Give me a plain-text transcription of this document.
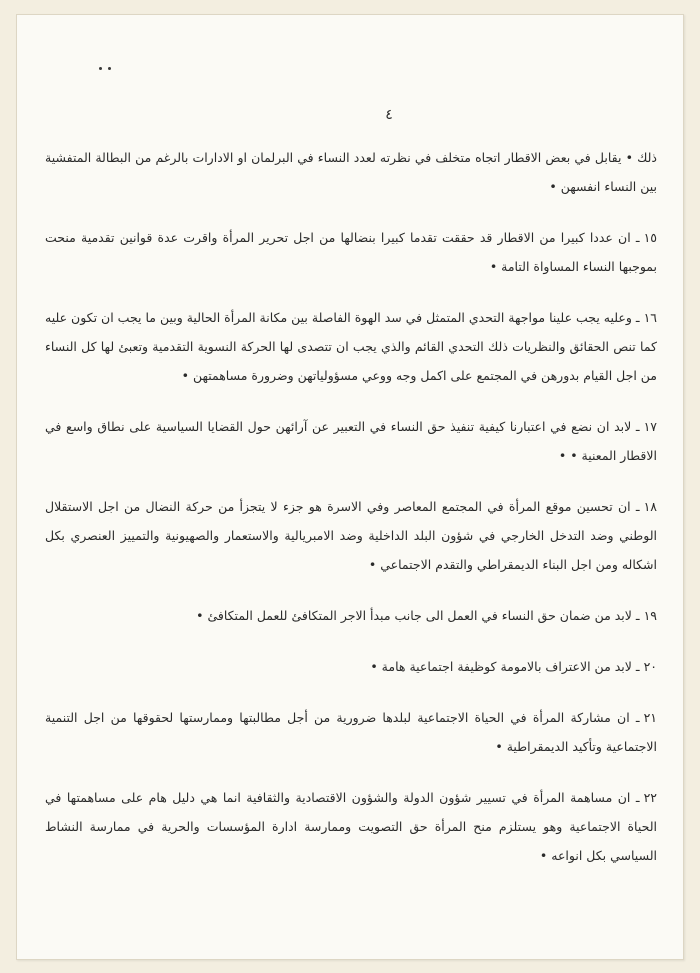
٤

ذلك • يقابل في بعض الاقطار اتجاه متخلف في نظرته لعدد النساء في البرلمان او الادارات بالرغم من البطالة المتفشية بين النساء انفسهن •

١٥ـ ان عددا كبيرا من الاقطار قد حققت تقدما كبيرا بنضالها من اجل تحرير المرأة واقرت عدة قوانين تقدمية منحت بموجبها النساء المساواة التامة •

١٦ـ وعليه يجب علينا مواجهة التحدي المتمثل في سد الهوة الفاصلة بين مكانة المرأة الحالية وبين ما يجب ان تكون عليه كما تنص الحقائق والنظريات ذلك التحدي القائم والذي يجب ان تتصدى لها الحركة النسوية التقدمية وتعبئ لها كل النساء من اجل القيام بدورهن في المجتمع على اكمل وجه ووعي مسؤولياتهن وضرورة مساهمتهن •

١٧ـ لابد ان نضع في اعتبارنا كيفية تنفيذ حق النساء في التعبير عن آرائهن حول القضايا السياسية على نطاق واسع في الاقطار المعنية • •

١٨ـ ان تحسين موقع المرأة في المجتمع المعاصر وفي الاسرة هو جزء لا يتجزأ من حركة النضال من اجل الاستقلال الوطني وضد التدخل الخارجي في شؤون البلد الداخلية وضد الامبريالية والاستعمار والصهيونية والتمييز العنصري بكل اشكاله ومن اجل البناء الديمقراطي والتقدم الاجتماعي •

١٩ـ لابد من ضمان حق النساء في العمل الى جانب مبدأ الاجر المتكافئ للعمل المتكافئ •

٢٠ـ لابد من الاعتراف بالامومة كوظيفة اجتماعية هامة •

٢١ـ ان مشاركة المرأة في الحياة الاجتماعية لبلدها ضرورية من أجل مطالبتها وممارستها لحقوقها من اجل التنمية الاجتماعية وتأكيد الديمقراطية •

٢٢ـ ان مساهمة المرأة في تسيير شؤون الدولة والشؤون الاقتصادية والثقافية انما هي دليل هام على مساهمتها في الحياة الاجتماعية وهو يستلزم منح المرأة حق التصويت وممارسة ادارة المؤسسات والحرية في ممارسة النشاط السياسي بكل انواعه •
